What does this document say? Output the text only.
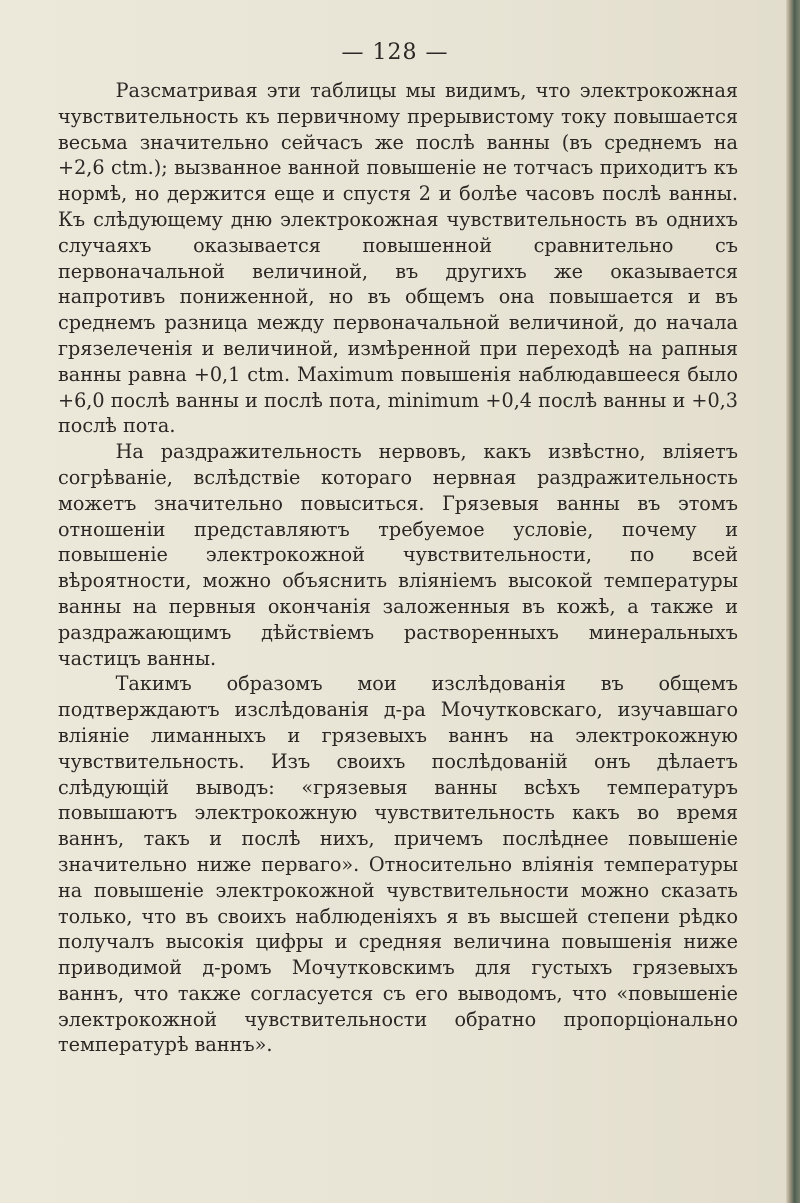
— 128 —

Разсматривая эти таблицы мы видимъ, что электрокожная чувствительность къ первичному прерывистому току повышается весьма значительно сейчасъ же послѣ ванны (въ среднемъ на +2,6 ctm.); вызванное ванной повышеніе не тотчасъ приходитъ къ нормѣ, но держится еще и спустя 2 и болѣе часовъ послѣ ванны. Къ слѣдующему дню электрокожная чувствительность въ однихъ случаяхъ оказывается повышенной сравнительно съ первоначальной величиной, въ другихъ же оказывается напротивъ пониженной, но въ общемъ она повышается и въ среднемъ разница между первоначальной величиной, до начала грязелеченія и величиной, измѣренной при переходѣ на рапныя ванны равна +0,1 ctm. Maximum повышенія наблюдавшееся было +6,0 послѣ ванны и послѣ пота, minimum +0,4 послѣ ванны и +0,3 послѣ пота.

На раздражительность нервовъ, какъ извѣстно, вліяетъ согрѣваніе, вслѣдствіе котораго нервная раздражительность можетъ значительно повыситься. Грязевыя ванны въ этомъ отношеніи представляютъ требуемое условіе, почему и повышеніе электрокожной чувствительности, по всей вѣроятности, можно объяснить вліяніемъ высокой температуры ванны на первныя окончанія заложенныя въ кожѣ, а также и раздражающимъ дѣйствіемъ растворенныхъ минеральныхъ частицъ ванны.

Такимъ образомъ мои изслѣдованія въ общемъ подтверждаютъ изслѣдованія д-ра Мочутковскаго, изучавшаго вліяніе лиманныхъ и грязевыхъ ваннъ на электрокожную чувствительность. Изъ своихъ послѣдованій онъ дѣлаетъ слѣдующій выводъ: «грязевыя ванны всѣхъ температуръ повышаютъ электрокожную чувствительность какъ во время ваннъ, такъ и послѣ нихъ, причемъ послѣднее повышеніе значительно ниже перваго». Относительно вліянія температуры на повышеніе электрокожной чувствительности можно сказать только, что въ своихъ наблюденіяхъ я въ высшей степени рѣдко получалъ высокія цифры и средняя величина повышенія ниже приводимой д-ромъ Мочутковскимъ для густыхъ грязевыхъ ваннъ, что также согласуется съ его выводомъ, что «повышеніе электрокожной чувствительности обратно пропорціонально температурѣ ваннъ».
